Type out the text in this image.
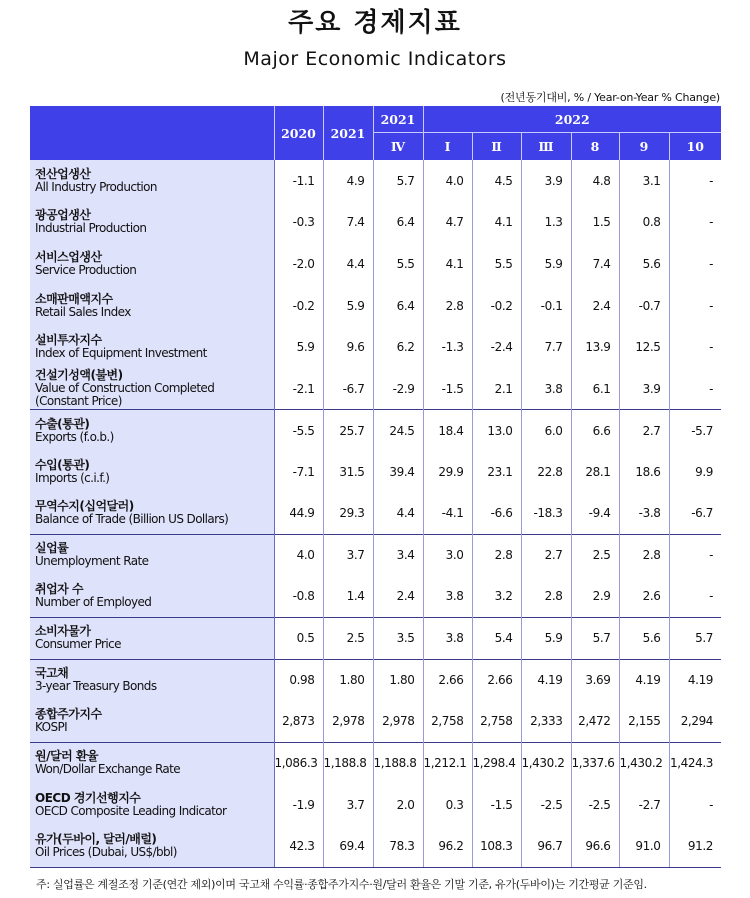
주요 경제지표
Major Economic Indicators
(전년동기대비, % / Year-on-Year % Change)
	2020	2021	2021	2022					
			Ⅳ	Ⅰ	Ⅱ	Ⅲ	8	9	10

전산업생산
All Industry Production	-1.1	4.9	5.7	4.0	4.5	3.9	4.8	3.1	-

광공업생산
Industrial Production	-0.3	7.4	6.4	4.7	4.1	1.3	1.5	0.8	-

서비스업생산
Service Production	-2.0	4.4	5.5	4.1	5.5	5.9	7.4	5.6	-

소매판매액지수
Retail Sales Index	-0.2	5.9	6.4	2.8	-0.2	-0.1	2.4	-0.7	-

설비투자지수
Index of Equipment Investment	5.9	9.6	6.2	-1.3	-2.4	7.7	13.9	12.5	-

건설기성액(불변)
Value of Construction Completed
(Constant Price)	-2.1	-6.7	-2.9	-1.5	2.1	3.8	6.1	3.9	-

수출(통관)
Exports (f.o.b.)	-5.5	25.7	24.5	18.4	13.0	6.0	6.6	2.7	-5.7

수입(통관)
Imports (c.i.f.)	-7.1	31.5	39.4	29.9	23.1	22.8	28.1	18.6	9.9

무역수지(십억달러)
Balance of Trade (Billion US Dollars)	44.9	29.3	4.4	-4.1	-6.6	-18.3	-9.4	-3.8	-6.7

실업률
Unemployment Rate	4.0	3.7	3.4	3.0	2.8	2.7	2.5	2.8	-

취업자 수
Number of Employed	-0.8	1.4	2.4	3.8	3.2	2.8	2.9	2.6	-

소비자물가
Consumer Price	0.5	2.5	3.5	3.8	5.4	5.9	5.7	5.6	5.7

국고채
3-year Treasury Bonds	0.98	1.80	1.80	2.66	2.66	4.19	3.69	4.19	4.19

종합주가지수
KOSPI	2,873	2,978	2,978	2,758	2,758	2,333	2,472	2,155	2,294

원/달러 환율
Won/Dollar Exchange Rate	1,086.3	1,188.8	1,188.8	1,212.1	1,298.4	1,430.2	1,337.6	1,430.2	1,424.3

OECD 경기선행지수
OECD Composite Leading Indicator	-1.9	3.7	2.0	0.3	-1.5	-2.5	-2.5	-2.7	-

유가(두바이, 달러/배럴)
Oil Prices (Dubai, US$/bbl)	42.3	69.4	78.3	96.2	108.3	96.7	96.6	91.0	91.2
주: 실업률은 계절조정 기준(연간 제외)이며 국고채 수익률·종합주가지수·원/달러 환율은 기말 기준, 유가(두바이)는 기간평균 기준임.
